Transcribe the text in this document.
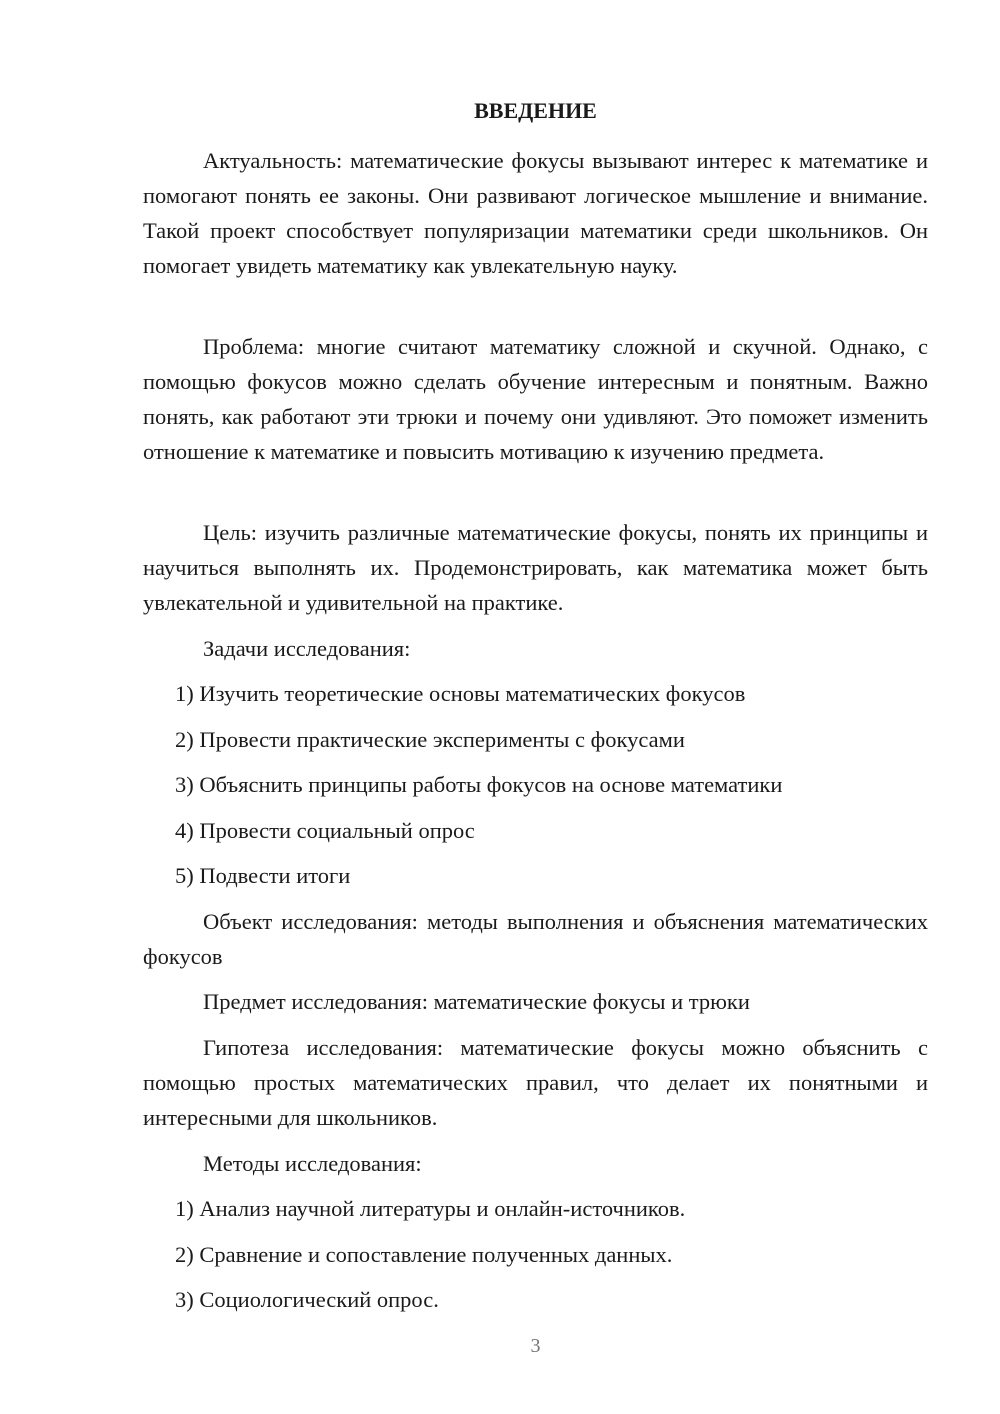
ВВЕДЕНИЕ

Актуальность: математические фокусы вызывают интерес к математике и помогают понять ее законы. Они развивают логическое мышление и внимание. Такой проект способствует популяризации математики среди школьников. Он помогает увидеть математику как увлекательную науку.

Проблема: многие считают математику сложной и скучной. Однако, с помощью фокусов можно сделать обучение интересным и понятным. Важно понять, как работают эти трюки и почему они удивляют. Это поможет изменить отношение к математике и повысить мотивацию к изучению предмета.

Цель: изучить различные математические фокусы, понять их принципы и научиться выполнять их. Продемонстрировать, как математика может быть увлекательной и удивительной на практике.

Задачи исследования:
1) Изучить теоретические основы математических фокусов
2) Провести практические эксперименты с фокусами
3) Объяснить принципы работы фокусов на основе математики
4) Провести социальный опрос
5) Подвести итоги

Объект исследования: методы выполнения и объяснения математических фокусов

Предмет исследования: математические фокусы и трюки

Гипотеза исследования: математические фокусы можно объяснить с помощью простых математических правил, что делает их понятными и интересными для школьников.

Методы исследования:
1) Анализ научной литературы и онлайн-источников.
2) Сравнение и сопоставление полученных данных.
3) Социологический опрос.
3
